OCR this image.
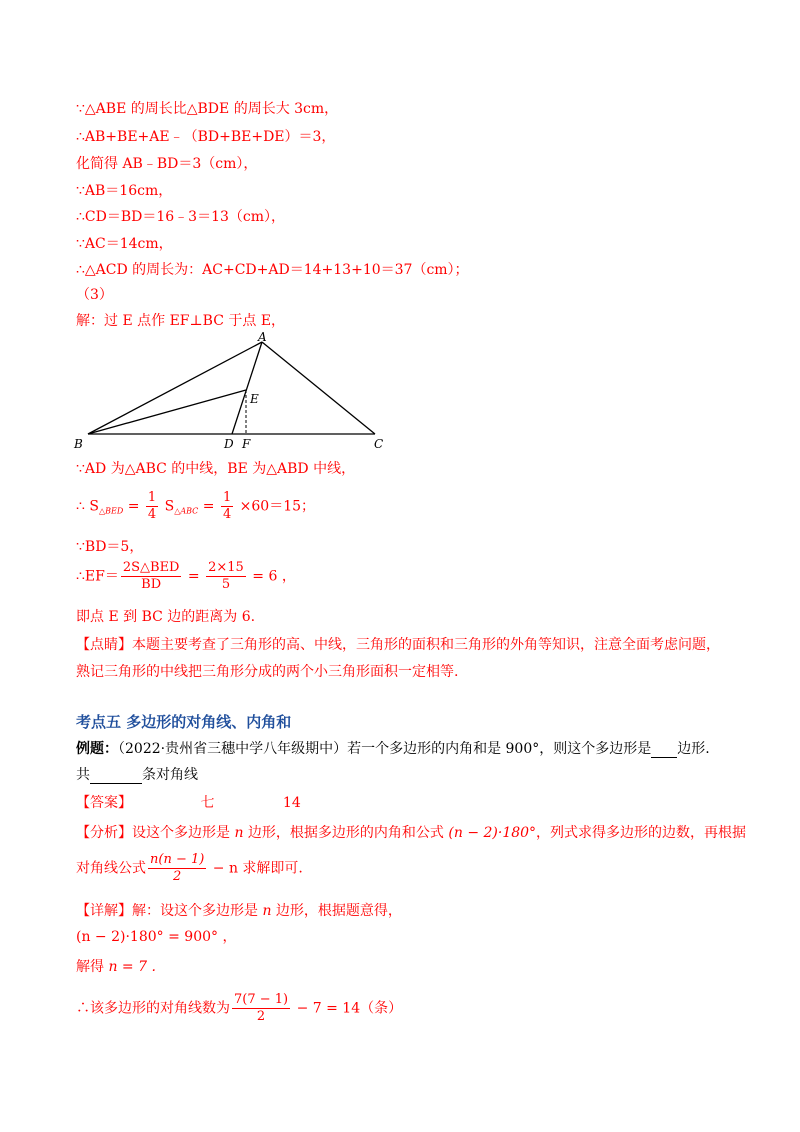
∵△ABE 的周长比△BDE 的周长大 3cm，
∴AB+BE+AE﹣（BD+BE+DE）＝3，
化简得 AB﹣BD＝3（cm），
∵AB＝16cm，
∴CD＝BD＝16﹣3＝13（cm），
∵AC＝14cm，
∴△ACD 的周长为：AC+CD+AD＝14+13+10＝37（cm）；
（3）
解：过 E 点作 EF⊥BC 于点 E，
A
B	C
D
E
F
∵AD 为△ABC 的中线，BE 为△ABD 中线，
∴ $S_{\triangle BED} = \frac{1}{4} S_{\triangle ABC} = \frac{1}{4} \times 60=15$；
∵BD＝5，
∴EF＝ $\frac{\text{2S△BED}}{BD} = \frac{2\times 15}{5} = 6$ ，
即点 E 到 BC 边的距离为 6.
【点睛】本题主要考查了三角形的高、中线，三角形的面积和三角形的外角等知识，注意全面考虑问题，
熟记三角形的中线把三角形分成的两个小三角形面积一定相等.
考点五 多边形的对角线、内角和
例题：（2022·贵州省三穗中学八年级期中）若一个多边形的内角和是 900°，则这个多边形是 边形.
共	条对角线
【答案】	七	14
【分析】设这个多边形是 n 边形，根据多边形的内角和公式 (n − 2)·180°，列式求得多边形的边数，再根据
对角线公式 $\frac{n(n - 1)}{2} - n$ 求解即可.
【详解】解：设这个多边形是 n 边形，根据题意得，
(n − 2)·180° = 900° ，
解得 n = 7 .
∴该多边形的对角线数为 $\frac{7(7 - 1)}{2} - 7 = 14$（条）
